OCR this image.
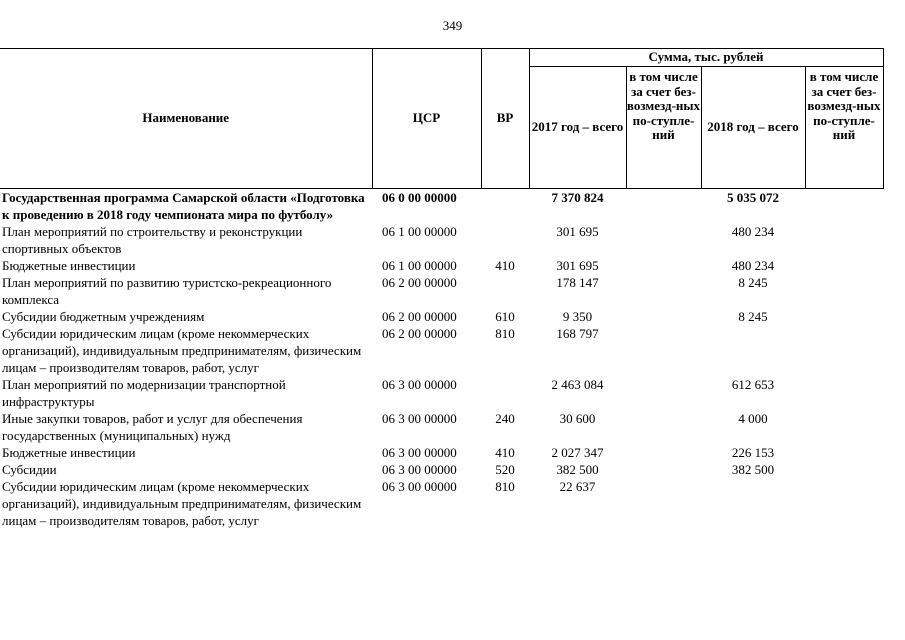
349
Наименование	ЦСР	ВР	Сумма, тыс. рублей			
			2017 год – всего	в том числе за счет без-возмезд-ных по-ступле-ний	2018 год – всего	в том числе за счет без-возмезд-ных по-ступле-ний
Государственная программа Самарской области «Подготовка к проведению в 2018 году чемпионата мира по футболу»	06 0 00 00000		7 370 824		5 035 072	
План мероприятий по строительству и реконструкции спортивных объектов	06 1 00 00000		301 695		480 234	
Бюджетные инвестиции	06 1 00 00000	410	301 695		480 234	
План мероприятий по развитию туристско-рекреационного комплекса	06 2 00 00000		178 147		8 245	
Субсидии бюджетным учреждениям	06 2 00 00000	610	9 350		8 245	
Субсидии юридическим лицам (кроме некоммерческих организаций), индивидуальным предпринимателям, физическим лицам – производителям товаров, работ, услуг	06 2 00 00000	810	168 797			
План мероприятий по модернизации транспортной инфраструктуры	06 3 00 00000		2 463 084		612 653	
Иные закупки товаров, работ и услуг для обеспечения государственных (муниципальных) нужд	06 3 00 00000	240	30 600		4 000	
Бюджетные инвестиции	06 3 00 00000	410	2 027 347		226 153	
Субсидии	06 3 00 00000	520	382 500		382 500	
Субсидии юридическим лицам (кроме некоммерческих организаций), индивидуальным предпринимателям, физическим лицам – производителям товаров, работ, услуг	06 3 00 00000	810	22 637			
